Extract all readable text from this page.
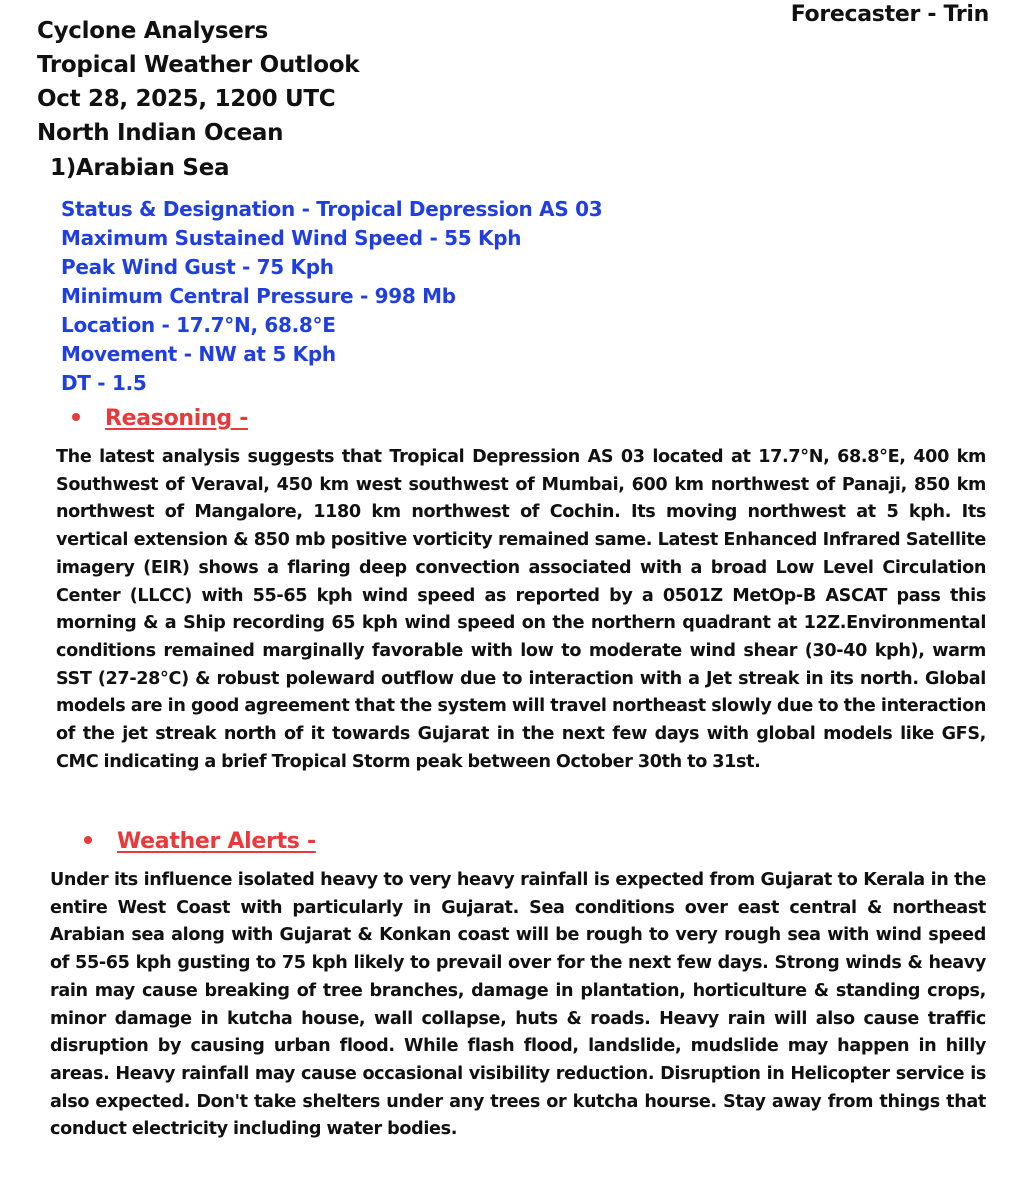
Forecaster - Trin
Cyclone Analysers
Tropical Weather Outlook
Oct 28, 2025, 1200 UTC
North Indian Ocean
1)Arabian Sea
Status & Designation - Tropical Depression AS 03
Maximum Sustained Wind Speed - 55 Kph
Peak Wind Gust - 75 Kph
Minimum Central Pressure - 998 Mb
Location - 17.7°N, 68.8°E
Movement - NW at 5 Kph
DT - 1.5
Reasoning -
The latest analysis suggests that Tropical Depression AS 03 located at 17.7°N, 68.8°E, 400 km Southwest of Veraval, 450 km west southwest of Mumbai, 600 km northwest of Panaji, 850 km northwest of Mangalore, 1180 km northwest of Cochin. Its moving northwest at 5 kph. Its vertical extension & 850 mb positive vorticity remained same. Latest Enhanced Infrared Satellite imagery (EIR) shows a flaring deep convection associated with a broad Low Level Circulation Center (LLCC) with 55-65 kph wind speed as reported by a 0501Z MetOp-B ASCAT pass this morning & a Ship recording 65 kph wind speed on the northern quadrant at 12Z.Environmental conditions remained marginally favorable with low to moderate wind shear (30-40 kph), warm SST (27-28°C) & robust poleward outflow due to interaction with a Jet streak in its north. Global models are in good agreement that the system will travel northeast slowly due to the interaction of the jet streak north of it towards Gujarat in the next few days with global models like GFS, CMC indicating a brief Tropical Storm peak between October 30th to 31st.
Weather Alerts -
Under its influence isolated heavy to very heavy rainfall is expected from Gujarat to Kerala in the entire West Coast with particularly in Gujarat. Sea conditions over east central & northeast Arabian sea along with Gujarat & Konkan coast will be rough to very rough sea with wind speed of 55-65 kph gusting to 75 kph likely to prevail over for the next few days. Strong winds & heavy rain may cause breaking of tree branches, damage in plantation, horticulture & standing crops, minor damage in kutcha house, wall collapse, huts & roads. Heavy rain will also cause traffic disruption by causing urban flood. While flash flood, landslide, mudslide may happen in hilly areas. Heavy rainfall may cause occasional visibility reduction. Disruption in Helicopter service is also expected. Don't take shelters under any trees or kutcha hourse. Stay away from things that conduct electricity including water bodies.
